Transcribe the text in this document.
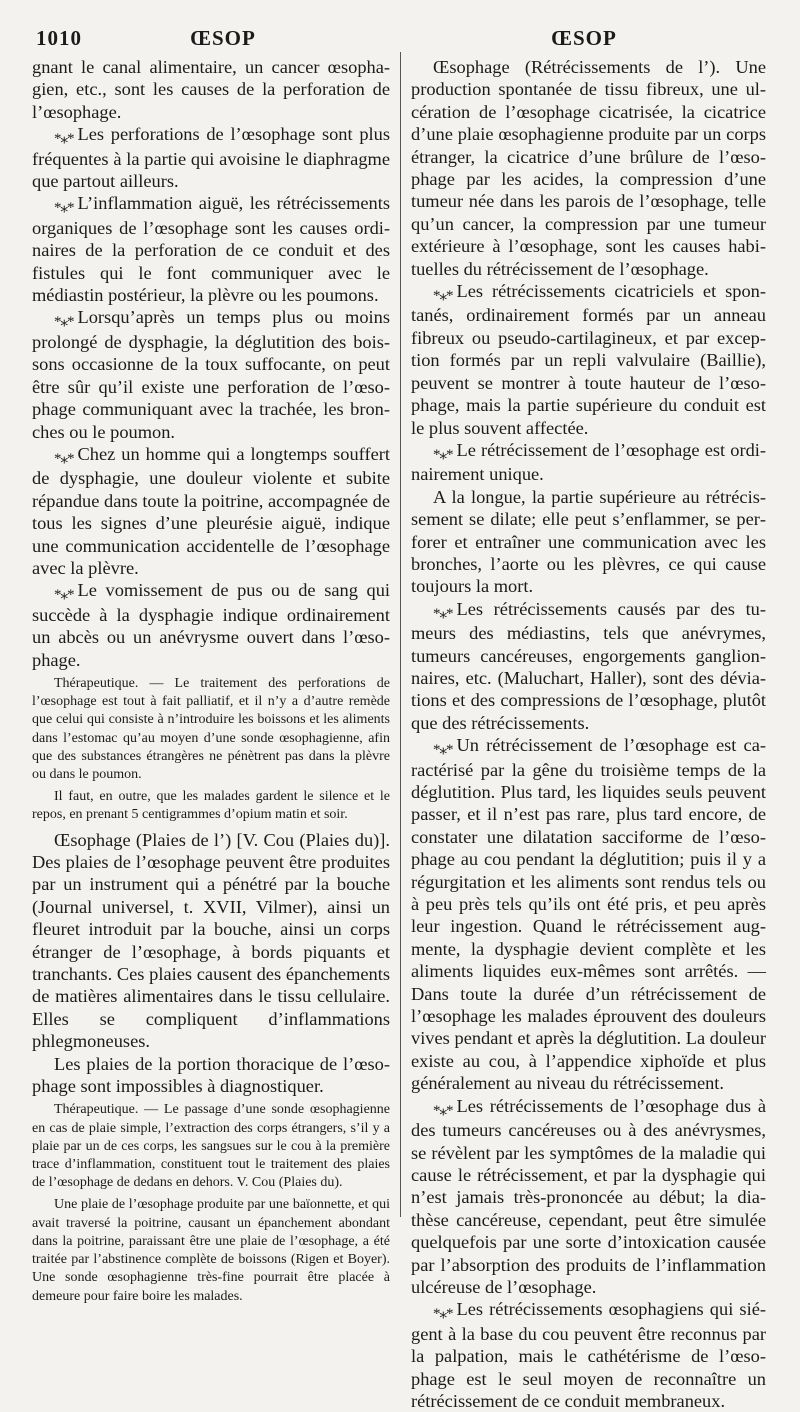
1010	ŒSOP	ŒSOP

gnant le canal alimentaire, un cancer œsophagien, etc., sont les causes de la perforation de l’œsophage.

*⁎* Les perforations de l’œsophage sont plus fréquentes à la partie qui avoisine le diaphragme que partout ailleurs.

*⁎* L’inflammation aiguë, les rétrécissements organiques de l’œsophage sont les causes ordinaires de la perforation de ce conduit et des fistules qui le font communiquer avec le médiastin postérieur, la plèvre ou les poumons.

*⁎* Lorsqu’après un temps plus ou moins prolongé de dysphagie, la déglutition des boissons occasionne de la toux suffocante, on peut être sûr qu’il existe une perforation de l’œsophage communiquant avec la trachée, les bronches ou le poumon.

*⁎* Chez un homme qui a longtemps souffert de dysphagie, une douleur violente et subite répandue dans toute la poitrine, accompagnée de tous les signes d’une pleurésie aiguë, indique une communication accidentelle de l’œsophage avec la plèvre.

*⁎* Le vomissement de pus ou de sang qui succède à la dysphagie indique ordinairement un abcès ou un anévrysme ouvert dans l’œsophage.

Thérapeutique. — Le traitement des perforations de l’œsophage est tout à fait palliatif, et il n’y a d’autre remède que celui qui consiste à n’introduire les boissons et les aliments dans l’estomac qu’au moyen d’une sonde œsophagienne, afin que des substances étrangères ne pénètrent pas dans la plèvre ou dans le poumon.

Il faut, en outre, que les malades gardent le silence et le repos, en prenant 5 centigrammes d’opium matin et soir.

Œsophage (Plaies de l’) [V. Cou (Plaies du)]. Des plaies de l’œsophage peuvent être produites par un instrument qui a pénétré par la bouche (Journal universel, t. XVII, Vilmer), ainsi un fleuret introduit par la bouche, ainsi un corps étranger de l’œsophage, à bords piquants et tranchants. Ces plaies causent des épanchements de matières alimentaires dans le tissu cellulaire. Elles se compliquent d’inflammations phlegmoneuses.

Les plaies de la portion thoracique de l’œsophage sont impossibles à diagnostiquer.

Thérapeutique. — Le passage d’une sonde œsophagienne en cas de plaie simple, l’extraction des corps étrangers, s’il y a plaie par un de ces corps, les sangsues sur le cou à la première trace d’inflammation, constituent tout le traitement des plaies de l’œsophage de dedans en dehors. V. Cou (Plaies du).

Une plaie de l’œsophage produite par une baïonnette, et qui avait traversé la poitrine, causant un épanchement abondant dans la poitrine, paraissant être une plaie de l’œsophage, a été traitée par l’abstinence complète de boissons (Rigen et Boyer). Une sonde œsophagienne très-fine pourrait être placée à demeure pour faire boire les malades.

Œsophage (Rétrécissements de l’). Une production spontanée de tissu fibreux, une ulcération de l’œsophage cicatrisée, la cicatrice d’une plaie œsophagienne produite par un corps étranger, la cicatrice d’une brûlure de l’œsophage par les acides, la compression d’une tumeur née dans les parois de l’œsophage, telle qu’un cancer, la compression par une tumeur extérieure à l’œsophage, sont les causes habituelles du rétrécissement de l’œsophage.

*⁎* Les rétrécissements cicatriciels et spontanés, ordinairement formés par un anneau fibreux ou pseudo-cartilagineux, et par exception formés par un repli valvulaire (Baillie), peuvent se montrer à toute hauteur de l’œsophage, mais la partie supérieure du conduit est le plus souvent affectée.

*⁎* Le rétrécissement de l’œsophage est ordinairement unique.

A la longue, la partie supérieure au rétrécissement se dilate; elle peut s’enflammer, se perforer et entraîner une communication avec les bronches, l’aorte ou les plèvres, ce qui cause toujours la mort.

*⁎* Les rétrécissements causés par des tumeurs des médiastins, tels que anévrymes, tumeurs cancéreuses, engorgements ganglionnaires, etc. (Maluchart, Haller), sont des déviations et des compressions de l’œsophage, plutôt que des rétrécissements.

*⁎* Un rétrécissement de l’œsophage est caractérisé par la gêne du troisième temps de la déglutition. Plus tard, les liquides seuls peuvent passer, et il n’est pas rare, plus tard encore, de constater une dilatation sacciforme de l’œsophage au cou pendant la déglutition; puis il y a régurgitation et les aliments sont rendus tels ou à peu près tels qu’ils ont été pris, et peu après leur ingestion. Quand le rétrécissement augmente, la dysphagie devient complète et les aliments liquides eux-mêmes sont arrêtés. — Dans toute la durée d’un rétrécissement de l’œsophage les malades éprouvent des douleurs vives pendant et après la déglutition. La douleur existe au cou, à l’appendice xiphoïde et plus généralement au niveau du rétrécissement.

*⁎* Les rétrécissements de l’œsophage dus à des tumeurs cancéreuses ou à des anévrysmes, se révèlent par les symptômes de la maladie qui cause le rétrécissement, et par la dysphagie qui n’est jamais très-prononcée au début; la diathèse cancéreuse, cependant, peut être simulée quelquefois par une sorte d’intoxication causée par l’absorption des produits de l’inflammation ulcéreuse de l’œsophage.

*⁎* Les rétrécissements œsophagiens qui siégent à la base du cou peuvent être reconnus par la palpation, mais le cathétérisme de l’œsophage est le seul moyen de reconnaître un rétrécissement de ce conduit membraneux.
